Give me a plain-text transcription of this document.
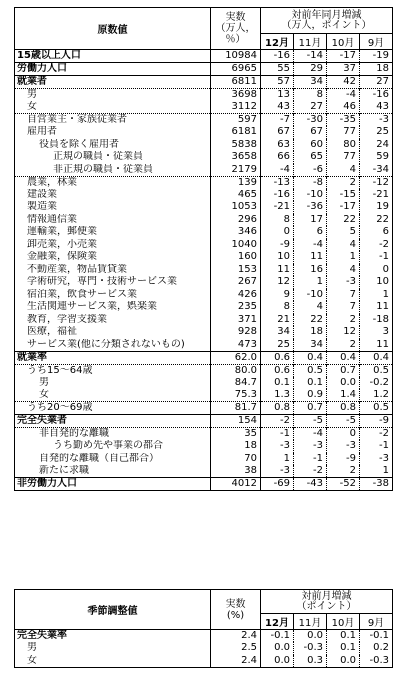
原数値	実数
（万人，％）	対前年同月増減
（万人，ポイント）			
		12月	11月	10月	9月
15歳以上人口	10984	-16	-14	-17	-19
労働力人口	6965	55	29	37	18
就業者	6811	57	34	42	27
男	3698	13	8	-4	-16
女	3112	43	27	46	43
自営業主・家族従業者	597	-7	-30	-35	-3
雇用者	6181	67	67	77	25
役員を除く雇用者	5838	63	60	80	24
正規の職員・従業員	3658	66	65	77	59
非正規の職員・従業員	2179	-4	-6	4	-34
農業，林業	139	-13	-8	2	-12
建設業	465	-16	-10	-15	-21
製造業	1053	-21	-36	-17	19
情報通信業	296	8	17	22	22
運輸業，郵便業	346	0	6	5	6
卸売業，小売業	1040	-9	-4	4	-2
金融業，保険業	160	10	11	1	-1
不動産業，物品賃貸業	153	11	16	4	0
学術研究，専門・技術サービス業	267	12	1	-3	10
宿泊業，飲食サービス業	426	9	-10	7	1
生活関連サービス業，娯楽業	235	8	4	7	11
教育，学習支援業	371	21	22	2	-18
医療，福祉	928	34	18	12	3
サービス業(他に分類されないもの)	473	25	34	2	11
就業率	62.0	0.6	0.4	0.4	0.4
うち15～64歳	80.0	0.6	0.5	0.7	0.5
男	84.7	0.1	0.1	0.0	-0.2
女	75.3	1.3	0.9	1.4	1.2
うち20～69歳	81.7	0.8	0.7	0.8	0.5
完全失業者	154	-2	-5	-5	-9
非自発的な離職	35	-1	-4	0	-2
うち勤め先や事業の都合	18	-3	-3	-3	-1
自発的な離職（自己都合）	70	1	-1	-9	-3
新たに求職	38	-3	-2	2	1
非労働力人口	4012	-69	-43	-52	-38
季節調整値	実数
(%)	対前月増減
（ポイント）			
		12月	11月	10月	9月
完全失業率	2.4	-0.1	0.0	0.1	-0.1
男	2.5	0.0	-0.3	0.1	0.2
女	2.4	0.0	0.3	0.0	-0.3
